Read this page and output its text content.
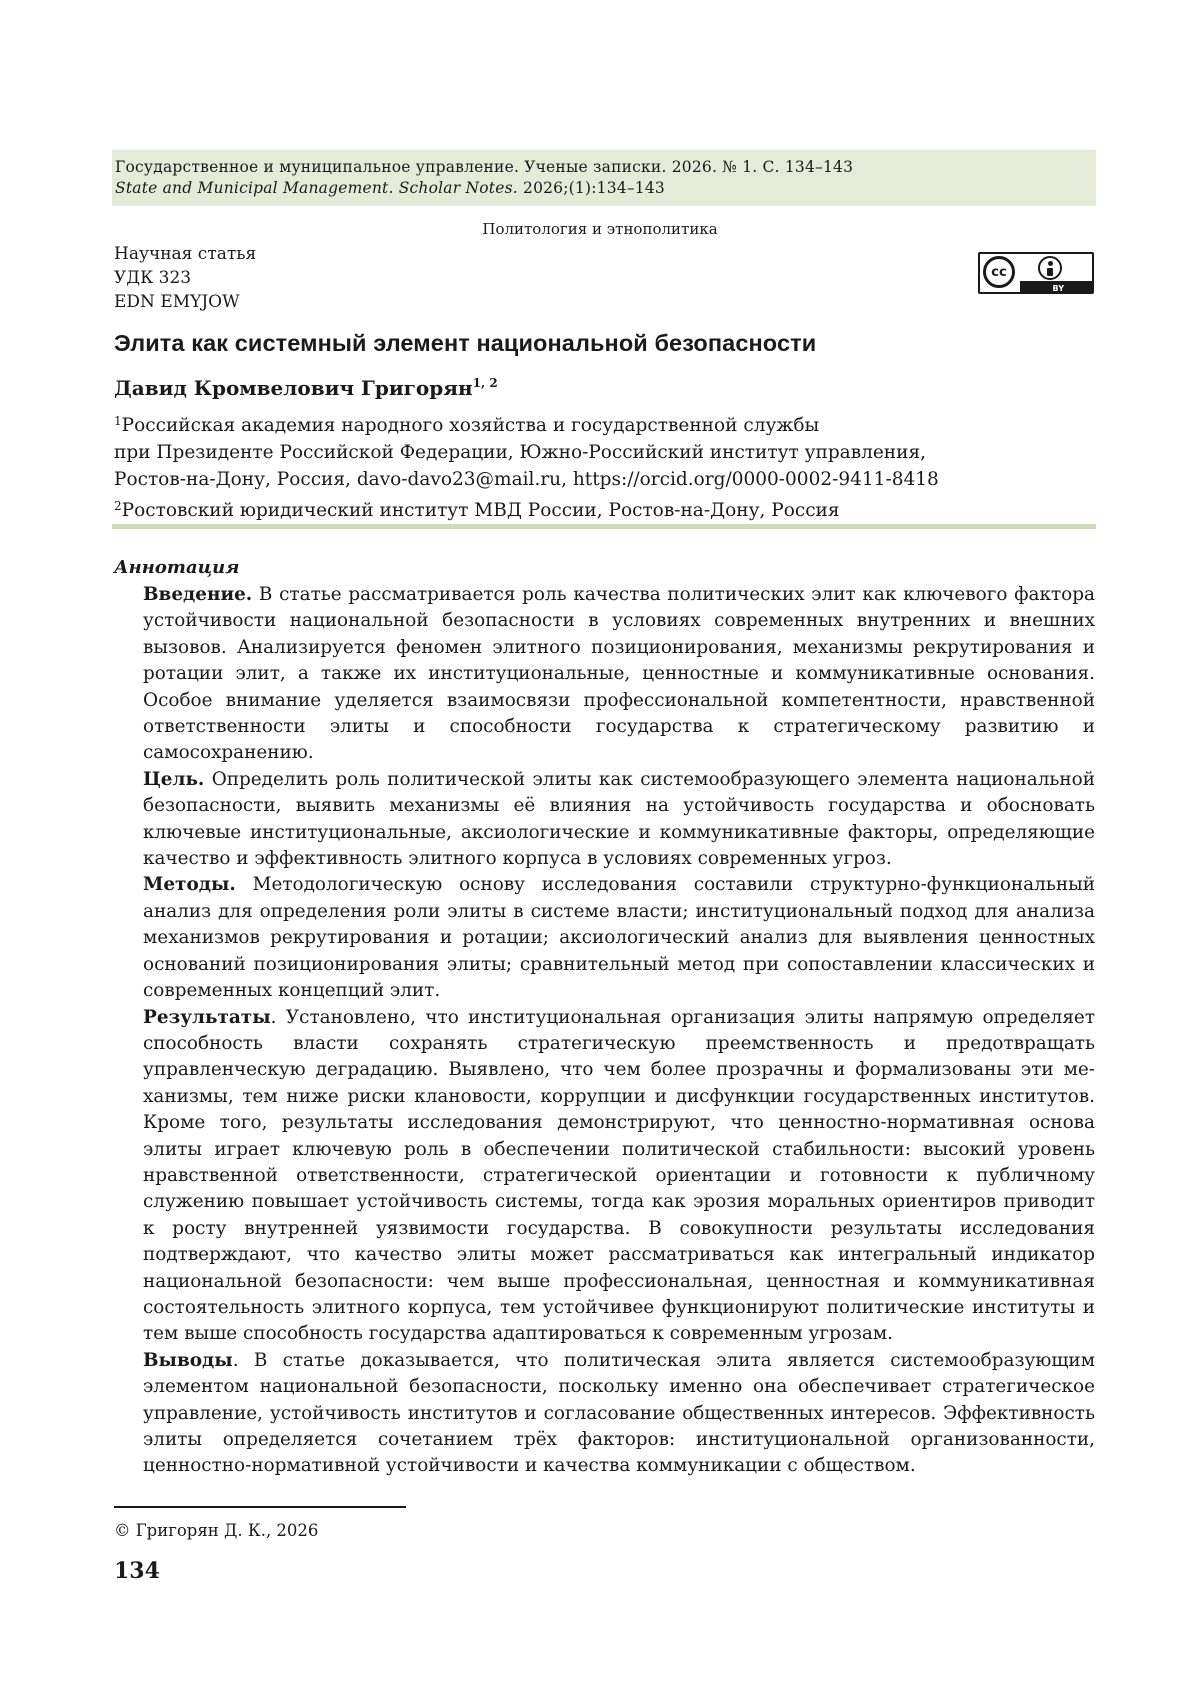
Государственное и муниципальное управление. Ученые записки. 2026. № 1. С. 134–143
State and Municipal Management. Scholar Notes. 2026;(1):134–143
Политология и этнополитика
Научная статья
УДК 323
EDN EMYJOW
cc
BY
Элита как системный элемент национальной безопасности
Давид Кромвелович Григорян$^{1, 2}$
$^1$Российская академия народного хозяйства и государственной службы
при Президенте Российской Федерации, Южно-Российский институт управления,
Ростов-на-Дону, Россия, davo-davo23@mail.ru, https://orcid.org/0000-0002-9411-8418
$^2$Ростовский юридический институт МВД России, Ростов-на-Дону, Россия
Аннотация

Введение. В статье рассматривается роль качества политических элит как ключевого фактора устойчивости национальной безопасности в условиях современных внутренних и внешних вызовов. Анализируется феномен элитного позиционирования, механизмы рекрутирования и ротации элит, а также их институциональные, ценностные и коммуникативные основания. Особое внимание уделяется взаимосвязи профессиональной компетентности, нравственной ответственности элиты и способности государства к стратегическому развитию и самосохранению.

Цель. Определить роль политической элиты как системообразующего элемента национальной безопасности, выявить механизмы её влияния на устойчивость государства и обосновать ключевые институциональные, аксиологические и коммуникативные факторы, определяющие качество и эффективность элитного корпуса в условиях современных угроз.

Методы. Методологическую основу исследования составили структурно-функциональный анализ для определения роли элиты в системе власти; институциональный подход для анализа механизмов рекрутирования и ротации; аксиологический анализ для выявления ценностных оснований позиционирования элиты; сравнительный метод при сопоставлении классических и современных концепций элит.

Результаты. Установлено, что институциональная организация элиты напрямую определяет способность власти сохранять стратегическую преемственность и предотвращать управленческую деградацию. Выявлено, что чем более прозрачны и формализованы эти механизмы, тем ниже риски клановости, коррупции и дисфункции государственных институтов. Кроме того, результаты исследования демонстрируют, что ценностно-нормативная основа элиты играет ключевую роль в обеспечении политической стабильности: высокий уровень нравственной ответственности, стратегической ориентации и готовности к публичному служению повышает устойчивость системы, тогда как эрозия моральных ориентиров приводит к росту внутренней уязвимости государства. В совокупности результаты исследования подтверждают, что качество элиты может рассматриваться как интегральный индикатор национальной безопасности: чем выше профессиональная, ценностная и коммуникативная состоятельность элитного корпуса, тем устойчивее функционируют политические институты и тем выше способность государства адаптироваться к современным угрозам.

Выводы. В статье доказывается, что политическая элита является системообразующим элементом национальной безопасности, поскольку именно она обеспечивает стратегическое управление, устойчивость институтов и согласование общественных интересов. Эффективность элиты определяется сочетанием трёх факторов: институциональной организованности, ценностно-нормативной устойчивости и качества коммуникации с обществом.

© Григорян Д. К., 2026
134
